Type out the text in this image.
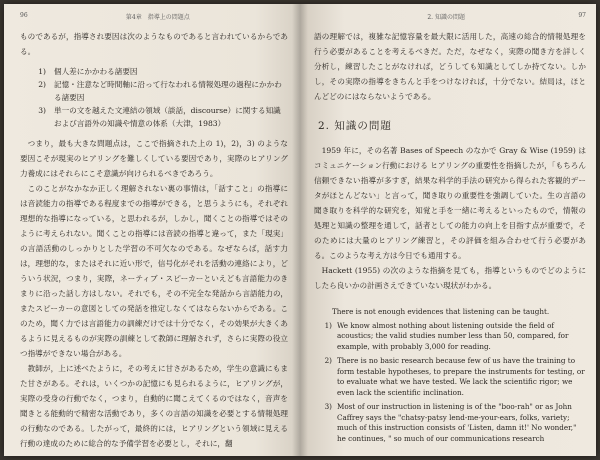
96	第4章　指導上の問題点

ものであるが，指導され要因は次のようなものであると言われているからである。

1)	個人差にかかわる諸要因
2)	記憶・注意など時間軸に沿って行なわれる情報処理の過程にかかわる諸要因
3)	単一の文を越えた文連結の領域（談話，discourse）に関する知識および言語外の知識や情意の体系（大津，1983）

つまり，最も大きな問題点は，ここで指摘された上の 1)，2)，3) のような要因こそが現実のヒアリングを難しくしている要因であり，実際のヒアリング力養成にはそれらにこそ意識が向けられるべきであろう。

このことがなかなか正しく理解されない裏の事情は，「話すこと」の指導には音読能力の指導である程度までの指導ができる，と思うようにも，それぞれ理想的な指導になっている，と思われるが，しかし，聞くことの指導ではそのように考えられない。聞くことの指導には音読の指導と違って，また「現実」の言語活動のしっかりとした学習の不可欠なのである。なぜならば，話す力は，理想的な，またはそれに近い形で，信号化がそれを活動の連絡により，どういう状況，つまり，実際，ネーティブ・スピーカーといえども言語能力のきまりに沿った話し方はしない。それでも，その不完全な発話から言語能力の，またスピーカーの意図としての発話を推定しなくてはならないからである。このため，聞く力では言語能力の訓練だけでは十分でなく，その効果が大きくあるように見えるものが実際の訓練として教師に理解されず，さらに実際の役立つ指導ができない場合がある。

教師が，上に述べたように，その考えに甘さがあるため，学生の意識にもまた甘さがある。それは，いくつかの記憶にも見られるように，ヒアリングが，実際の受身の行動でなく，つまり，自動的に聞こえてくるのではなく，音声を聞きとる能動的で精密な活動であり，多くの言語の知識を必要とする情報処理の行動なのである。したがって，最終的には，ヒアリングという領域に見える行動の達成のために総合的な予備学習を必要とし，それに，翻

2. 知識の問題	97

語の理解では，複雑な記憶容量を最大限に活用した，高速の総合的情報処理を行う必要があることを考えるべきだ。ただ，なぜなく，実際の聞き方を詳しく分析し，練習したことがなければ，どうしても知識としてしか持てない。しかし，その実際の指導をきちんと手をつけなければ，十分でない。結局は，ほとんどどのにはならないようである。

2. 知識の問題

1959 年に，その名著 Bases of Speech のなかで Gray & Wise (1959) はコミュニケーション行動における ヒアリングの重要性を指摘したが，「もちろん信頼できない指導が多すぎ，結果な科学的手法の研究から得られた客観的データがほとんどない」と言って，聞き取りの重要性を強調していた。生の言語の聞き取りを科学的な研究を，知覚と手を一緒に考えるといったもので，情報の処理と知識の整理を通して，話者としての能力の向上を目指す点が重要で，そのためには大量のヒアリング練習と，その評価を組み合わせて行う必要がある。このような考え方は今日でも通用する。

Hackett (1955) の次のような指摘を見ても，指導というものでどのようにしたら良いかの計画さえできていない現状がわかる。

There is not enough evidences that listening can be taught.

1) We know almost nothing about listening outside the field of acoustics; the valid studies number less than 50, compared, for example, with probably 3,000 for reading.

2) There is no basic research because few of us have the training to form testable hypotheses, to prepare the instruments for testing, or to evaluate what we have tested. We lack the scientific rigor; we even lack the scientific inclination.

3) Most of our instruction in listening is of the "boo-rah" or as John Caffrey says the "chatsy-patsy lend-me-your-ears, folks, variety; much of this instruction consists of 'Listen, damn it!' No wonder," he continues, " so much of our communications research
